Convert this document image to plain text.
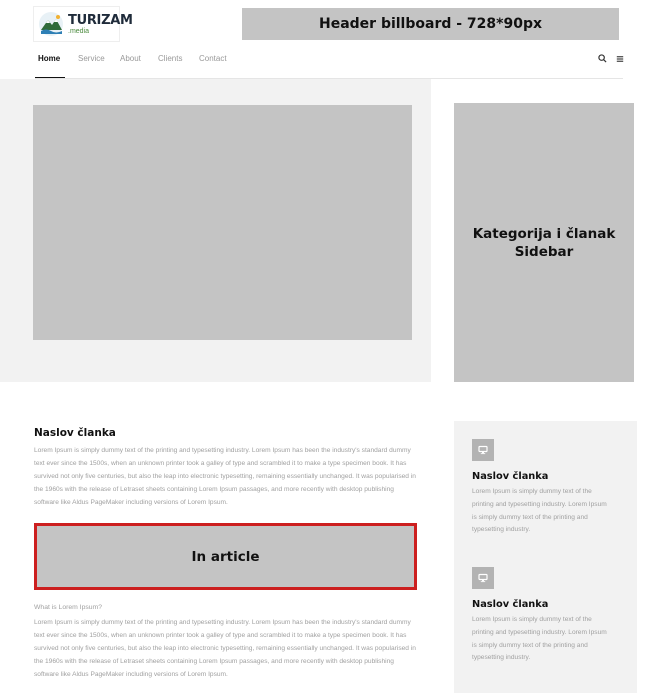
TURIZAM
.media	Header billboard - 728*90px
Home	Service	About	Clients	Contact
Kategorija i članak Sidebar
Naslov članka

Lorem Ipsum is simply dummy text of the printing and typesetting industry. Lorem Ipsum has been the industry's standard dummy text ever since the 1500s, when an unknown printer took a galley of type and scrambled it to make a type specimen book. It has survived not only five centuries, but also the leap into electronic typesetting, remaining essentially unchanged. It was popularised in the 1960s with the release of Letraset sheets containing Lorem Ipsum passages, and more recently with desktop publishing software like Aldus PageMaker including versions of Lorem Ipsum.

In article
What is Lorem Ipsum?

Lorem Ipsum is simply dummy text of the printing and typesetting industry. Lorem Ipsum has been the industry's standard dummy text ever since the 1500s, when an unknown printer took a galley of type and scrambled it to make a type specimen book. It has survived not only five centuries, but also the leap into electronic typesetting, remaining essentially unchanged. It was popularised in the 1960s with the release of Letraset sheets containing Lorem Ipsum passages, and more recently with desktop publishing software like Aldus PageMaker including versions of Lorem Ipsum.

Naslov članka

Lorem Ipsum is simply dummy text of the printing and typesetting industry. Lorem Ipsum is simply dummy text of the printing and typesetting industry.

Naslov članka

Lorem Ipsum is simply dummy text of the printing and typesetting industry. Lorem Ipsum is simply dummy text of the printing and typesetting industry.
